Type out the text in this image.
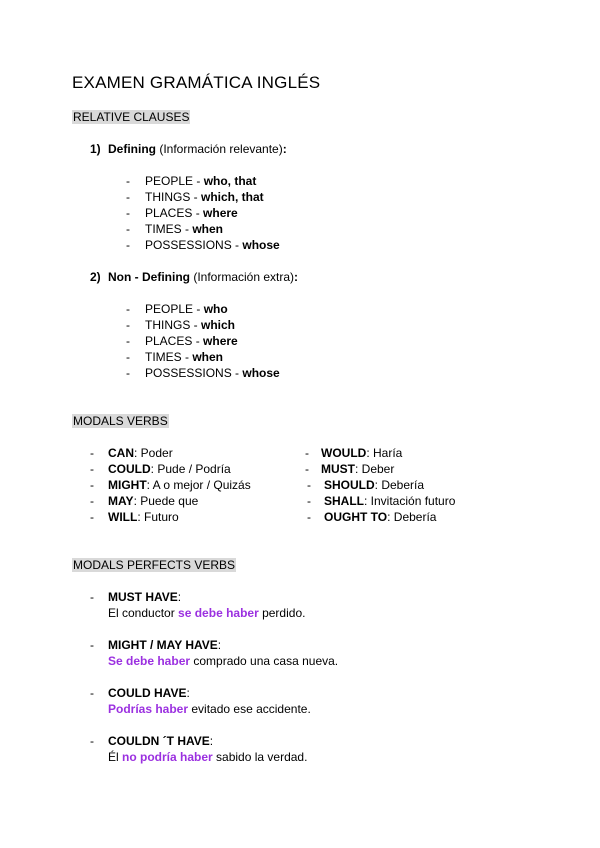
EXAMEN GRAMÁTICA INGLÉS
RELATIVE CLAUSES
1) Defining (Información relevante):
- PEOPLE - who, that
- THINGS - which, that
- PLACES - where
- TIMES - when
- POSSESSIONS - whose
2) Non - Defining (Información extra):
- PEOPLE - who
- THINGS - which
- PLACES - where
- TIMES - when
- POSSESSIONS - whose
MODALS VERBS
- CAN: Poder
- COULD: Pude / Podría
- MIGHT: A o mejor / Quizás
- MAY: Puede que
- WILL: Futuro
- WOULD: Haría
- MUST: Deber
- SHOULD: Debería
- SHALL: Invitación futuro
- OUGHT TO: Debería
MODALS PERFECTS VERBS
- MUST HAVE:
El conductor se debe haber perdido.
- MIGHT / MAY HAVE:
Se debe haber comprado una casa nueva.
- COULD HAVE:
Podrías haber evitado ese accidente.
- COULDN ´T HAVE:
Él no podría haber sabido la verdad.
